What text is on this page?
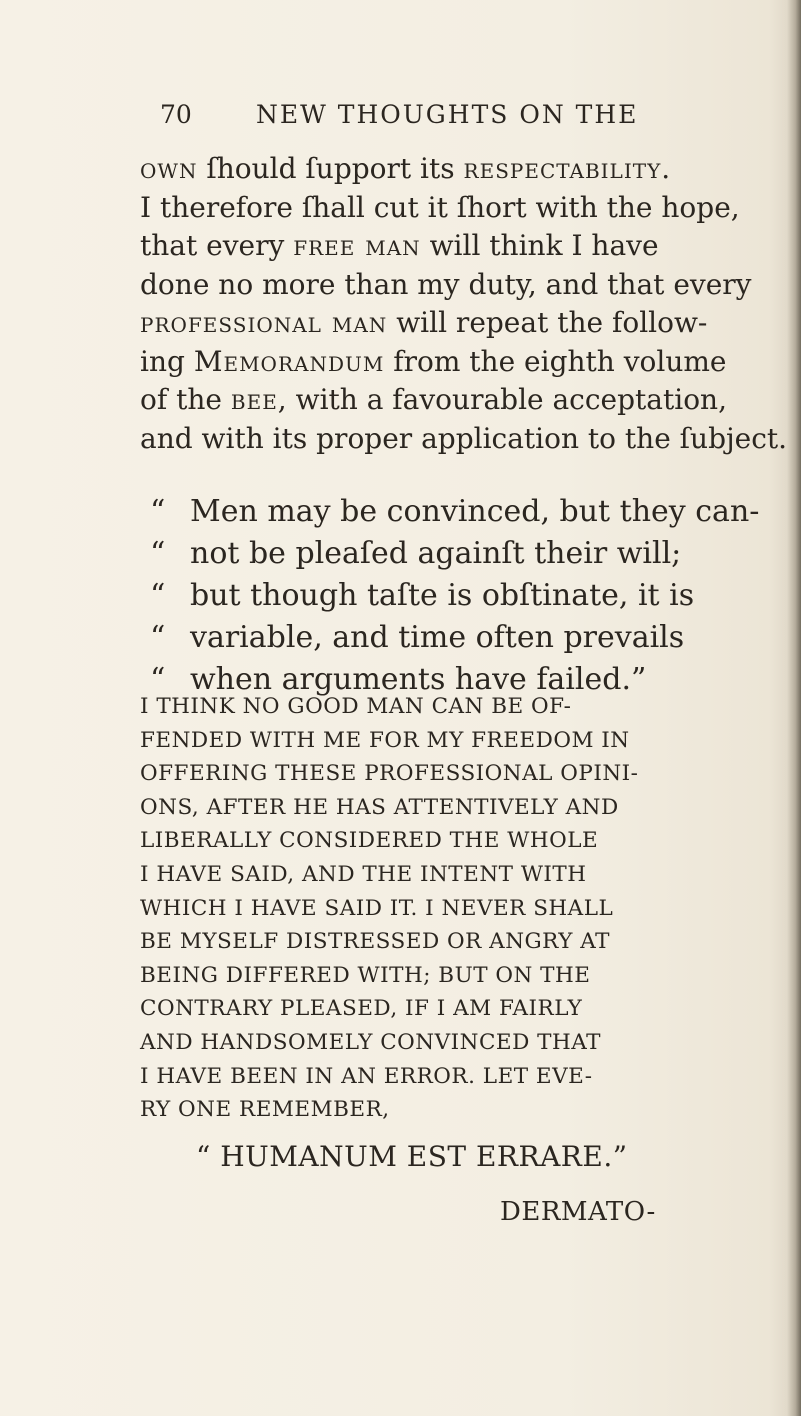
70	NEW THOUGHTS ON THE
own ſhould ſupport its respectability.
I therefore ſhall cut it ſhort with the hope,
that every free man will think I have
done no more than my duty, and that every
professional man will repeat the follow-
ing Memorandum from the eighth volume
of the bee, with a favourable acceptation,
and with its proper application to the ſubject.
“ Men may be convinced, but they can-
“ not be pleaſed againſt their will;
“ but though taſte is obſtinate, it is
“ variable, and time often prevails
“ when arguments have failed.”
I THINK NO GOOD MAN CAN BE OF-
FENDED WITH ME FOR MY FREEDOM IN
OFFERING THESE PROFESSIONAL OPINI-
ONS, AFTER HE HAS ATTENTIVELY AND
LIBERALLY CONSIDERED THE WHOLE
I HAVE SAID, AND THE INTENT WITH
WHICH I HAVE SAID IT. I NEVER SHALL
BE MYSELF DISTRESSED OR ANGRY AT
BEING DIFFERED WITH; BUT ON THE
CONTRARY PLEASED, IF I AM FAIRLY
AND HANDSOMELY CONVINCED THAT
I HAVE BEEN IN AN ERROR. LET EVE-
RY ONE REMEMBER,
“ HUMANUM EST ERRARE.”
DERMATO-
